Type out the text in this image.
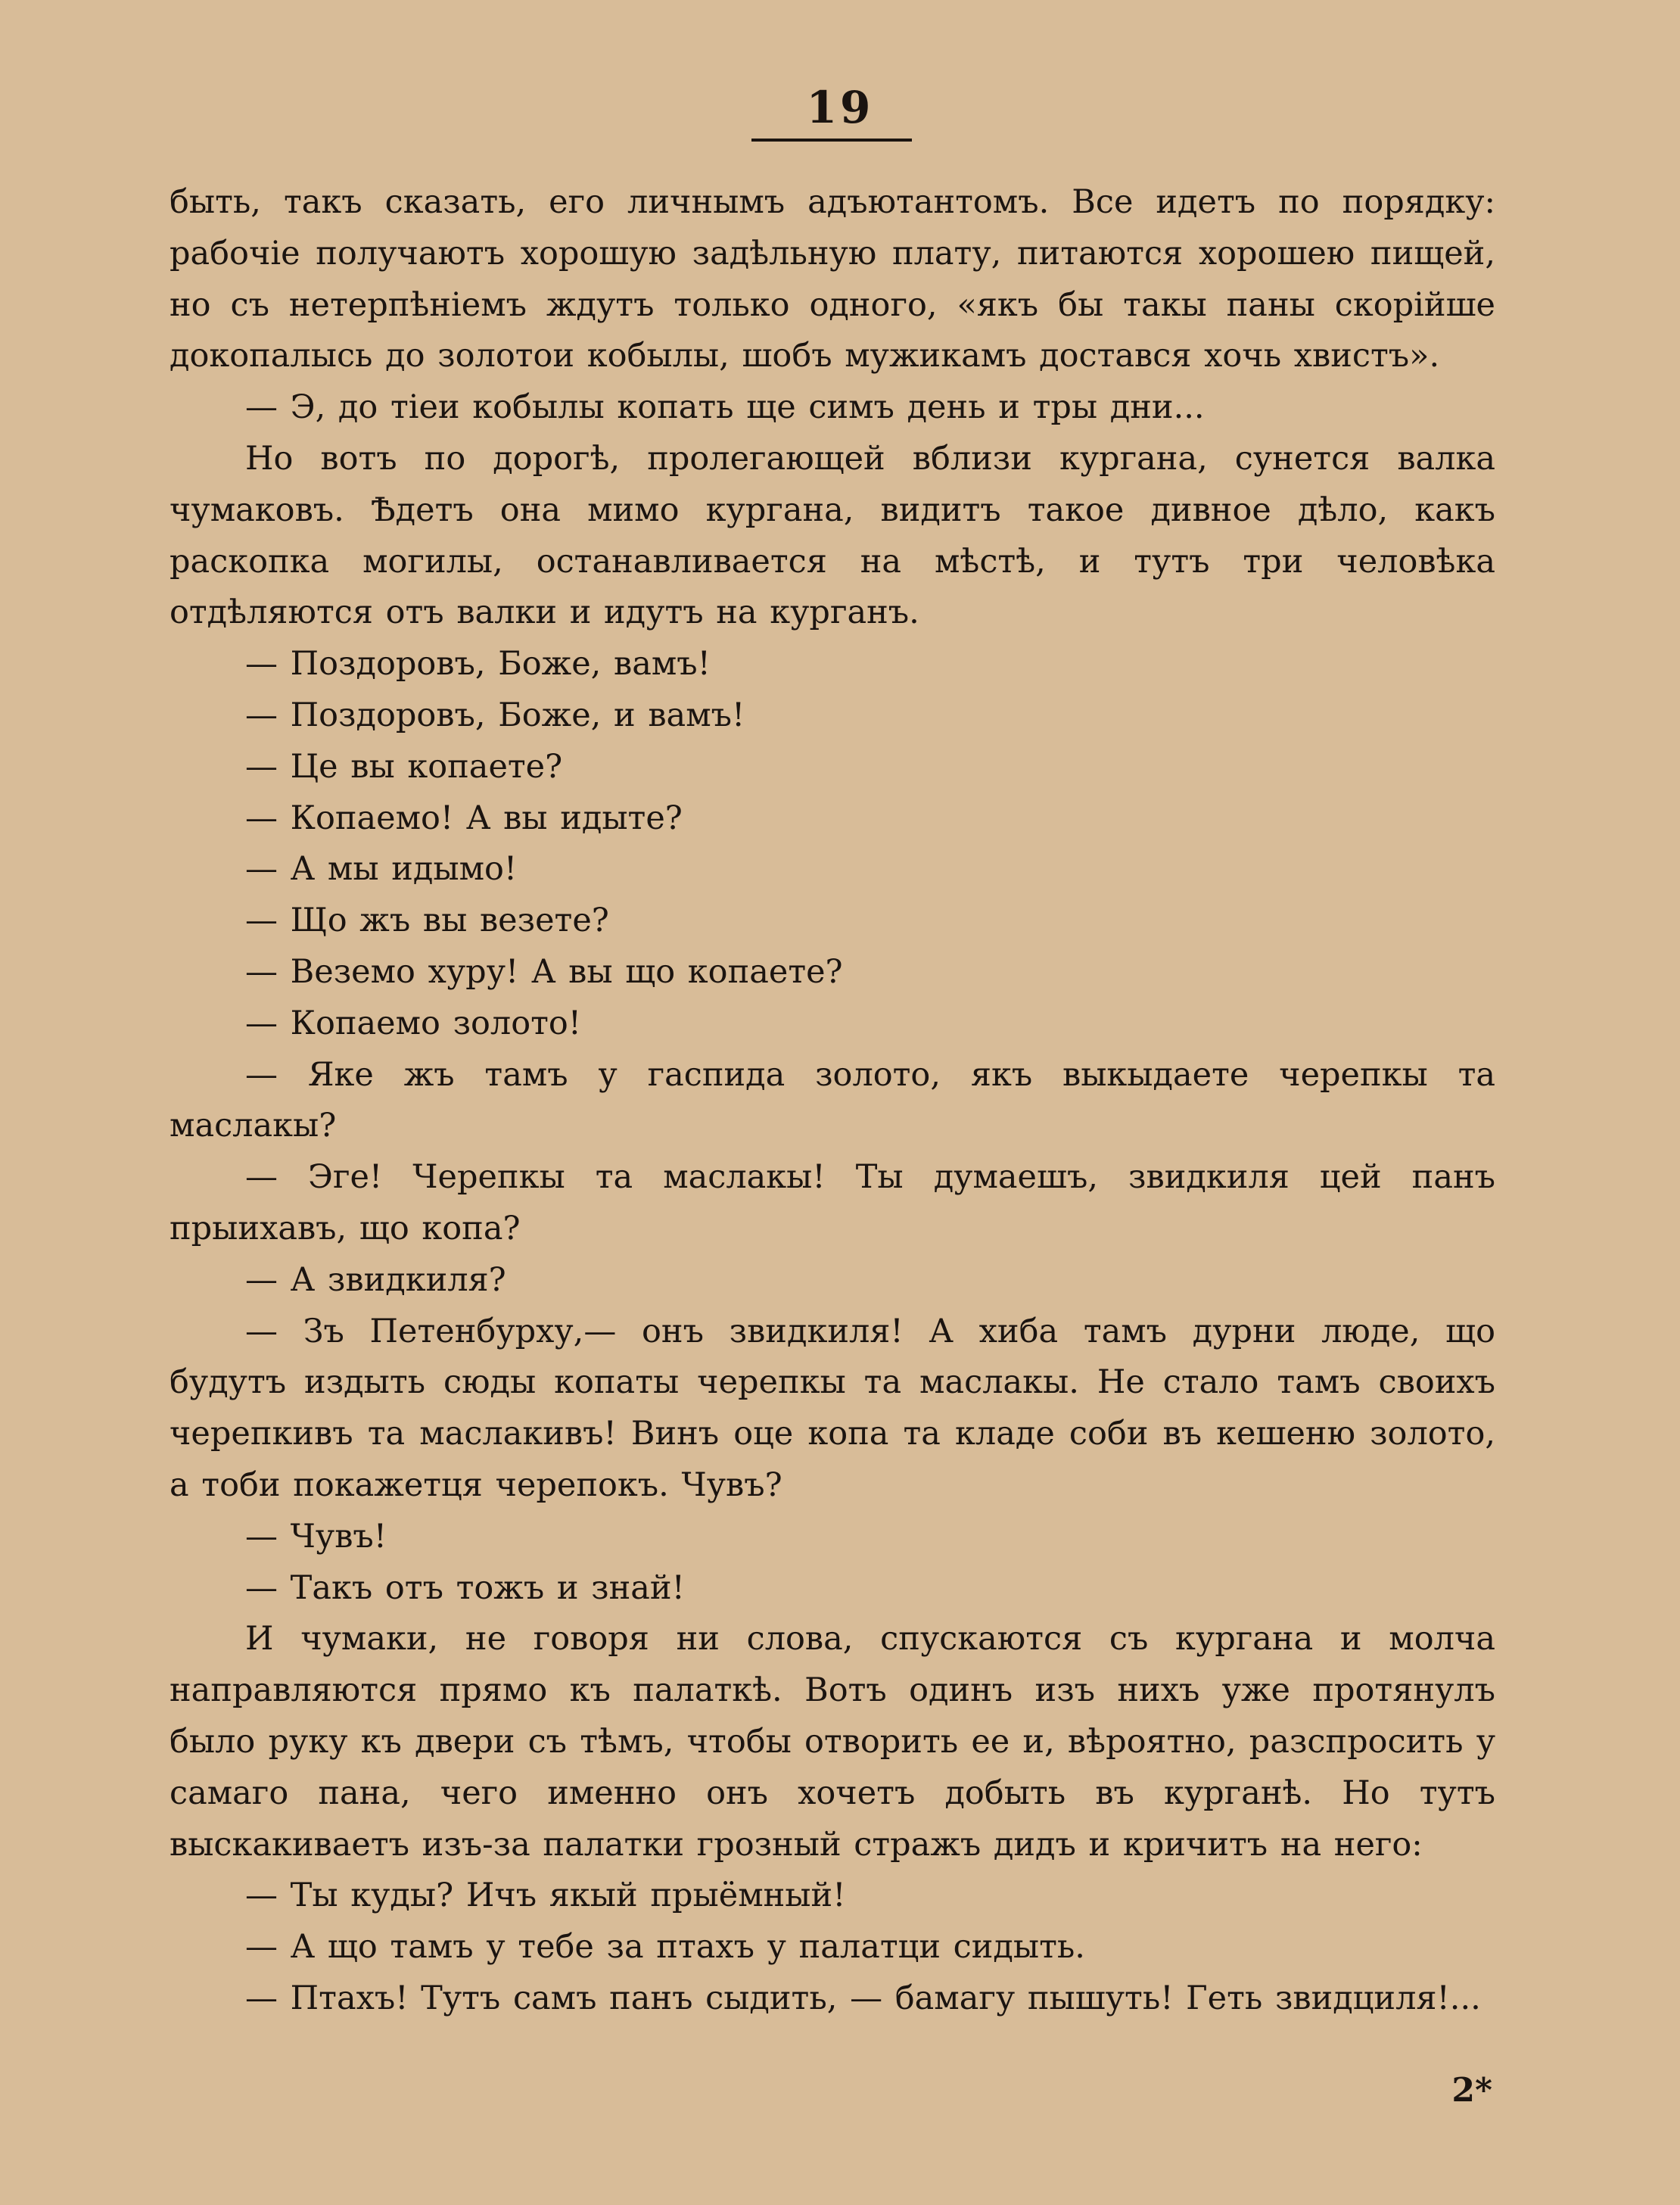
19

быть, такъ сказать, его личнымъ адъютантомъ. Все идетъ по порядку: рабочіе получаютъ хорошую задѣльную плату, питаются хорошею пищей, но съ нетерпѣніемъ ждутъ только одного, «якъ бы такы паны скорійше докопалысь до золотои кобылы, шобъ мужикамъ достався хочь хвистъ».

— Э, до тіеи кобылы копать ще симъ день и тры дни...

Но вотъ по дорогѣ, пролегающей вблизи кургана, сунется валка чумаковъ. Ѣдетъ она мимо кургана, видитъ такое дивное дѣло, какъ раскопка могилы, останавливается на мѣстѣ, и тутъ три человѣка отдѣляются отъ валки и идутъ на курганъ.

— Поздоровъ, Боже, вамъ!

— Поздоровъ, Боже, и вамъ!

— Це вы копаете?

— Копаемо! А вы идыте?

— А мы идымо!

— Що жъ вы везете?

— Веземо хуру! А вы що копаете?

— Копаемо золото!

— Яке жъ тамъ у гаспида золото, якъ выкыдаете черепкы та маслакы?

— Эге! Черепкы та маслакы! Ты думаешъ, звидкиля цей панъ прыихавъ, що копа?

— А звидкиля?

— Зъ Петенбурху,— онъ звидкиля! А хиба тамъ дурни люде, що будутъ издыть сюды копаты черепкы та маслакы. Не стало тамъ своихъ черепкивъ та маслакивъ! Винъ оце копа та кладе соби въ кешеню золото, а тоби покажетця черепокъ. Чувъ?

— Чувъ!

— Такъ отъ тожъ и знай!

И чумаки, не говоря ни слова, спускаются съ кургана и молча направляются прямо къ палаткѣ. Вотъ одинъ изъ нихъ уже протянулъ было руку къ двери съ тѣмъ, чтобы отворить ее и, вѣроятно, разспросить у самаго пана, чего именно онъ хочетъ добыть въ курганѣ. Но тутъ выскакиваетъ изъ-за палатки грозный стражъ дидъ и кричитъ на него:

— Ты куды? Ичъ якый прыёмный!

— А що тамъ у тебе за птахъ у палатци сидыть.

— Птахъ! Тутъ самъ панъ сыдить, — бамагу пышуть! Геть звидциля!...

2*
